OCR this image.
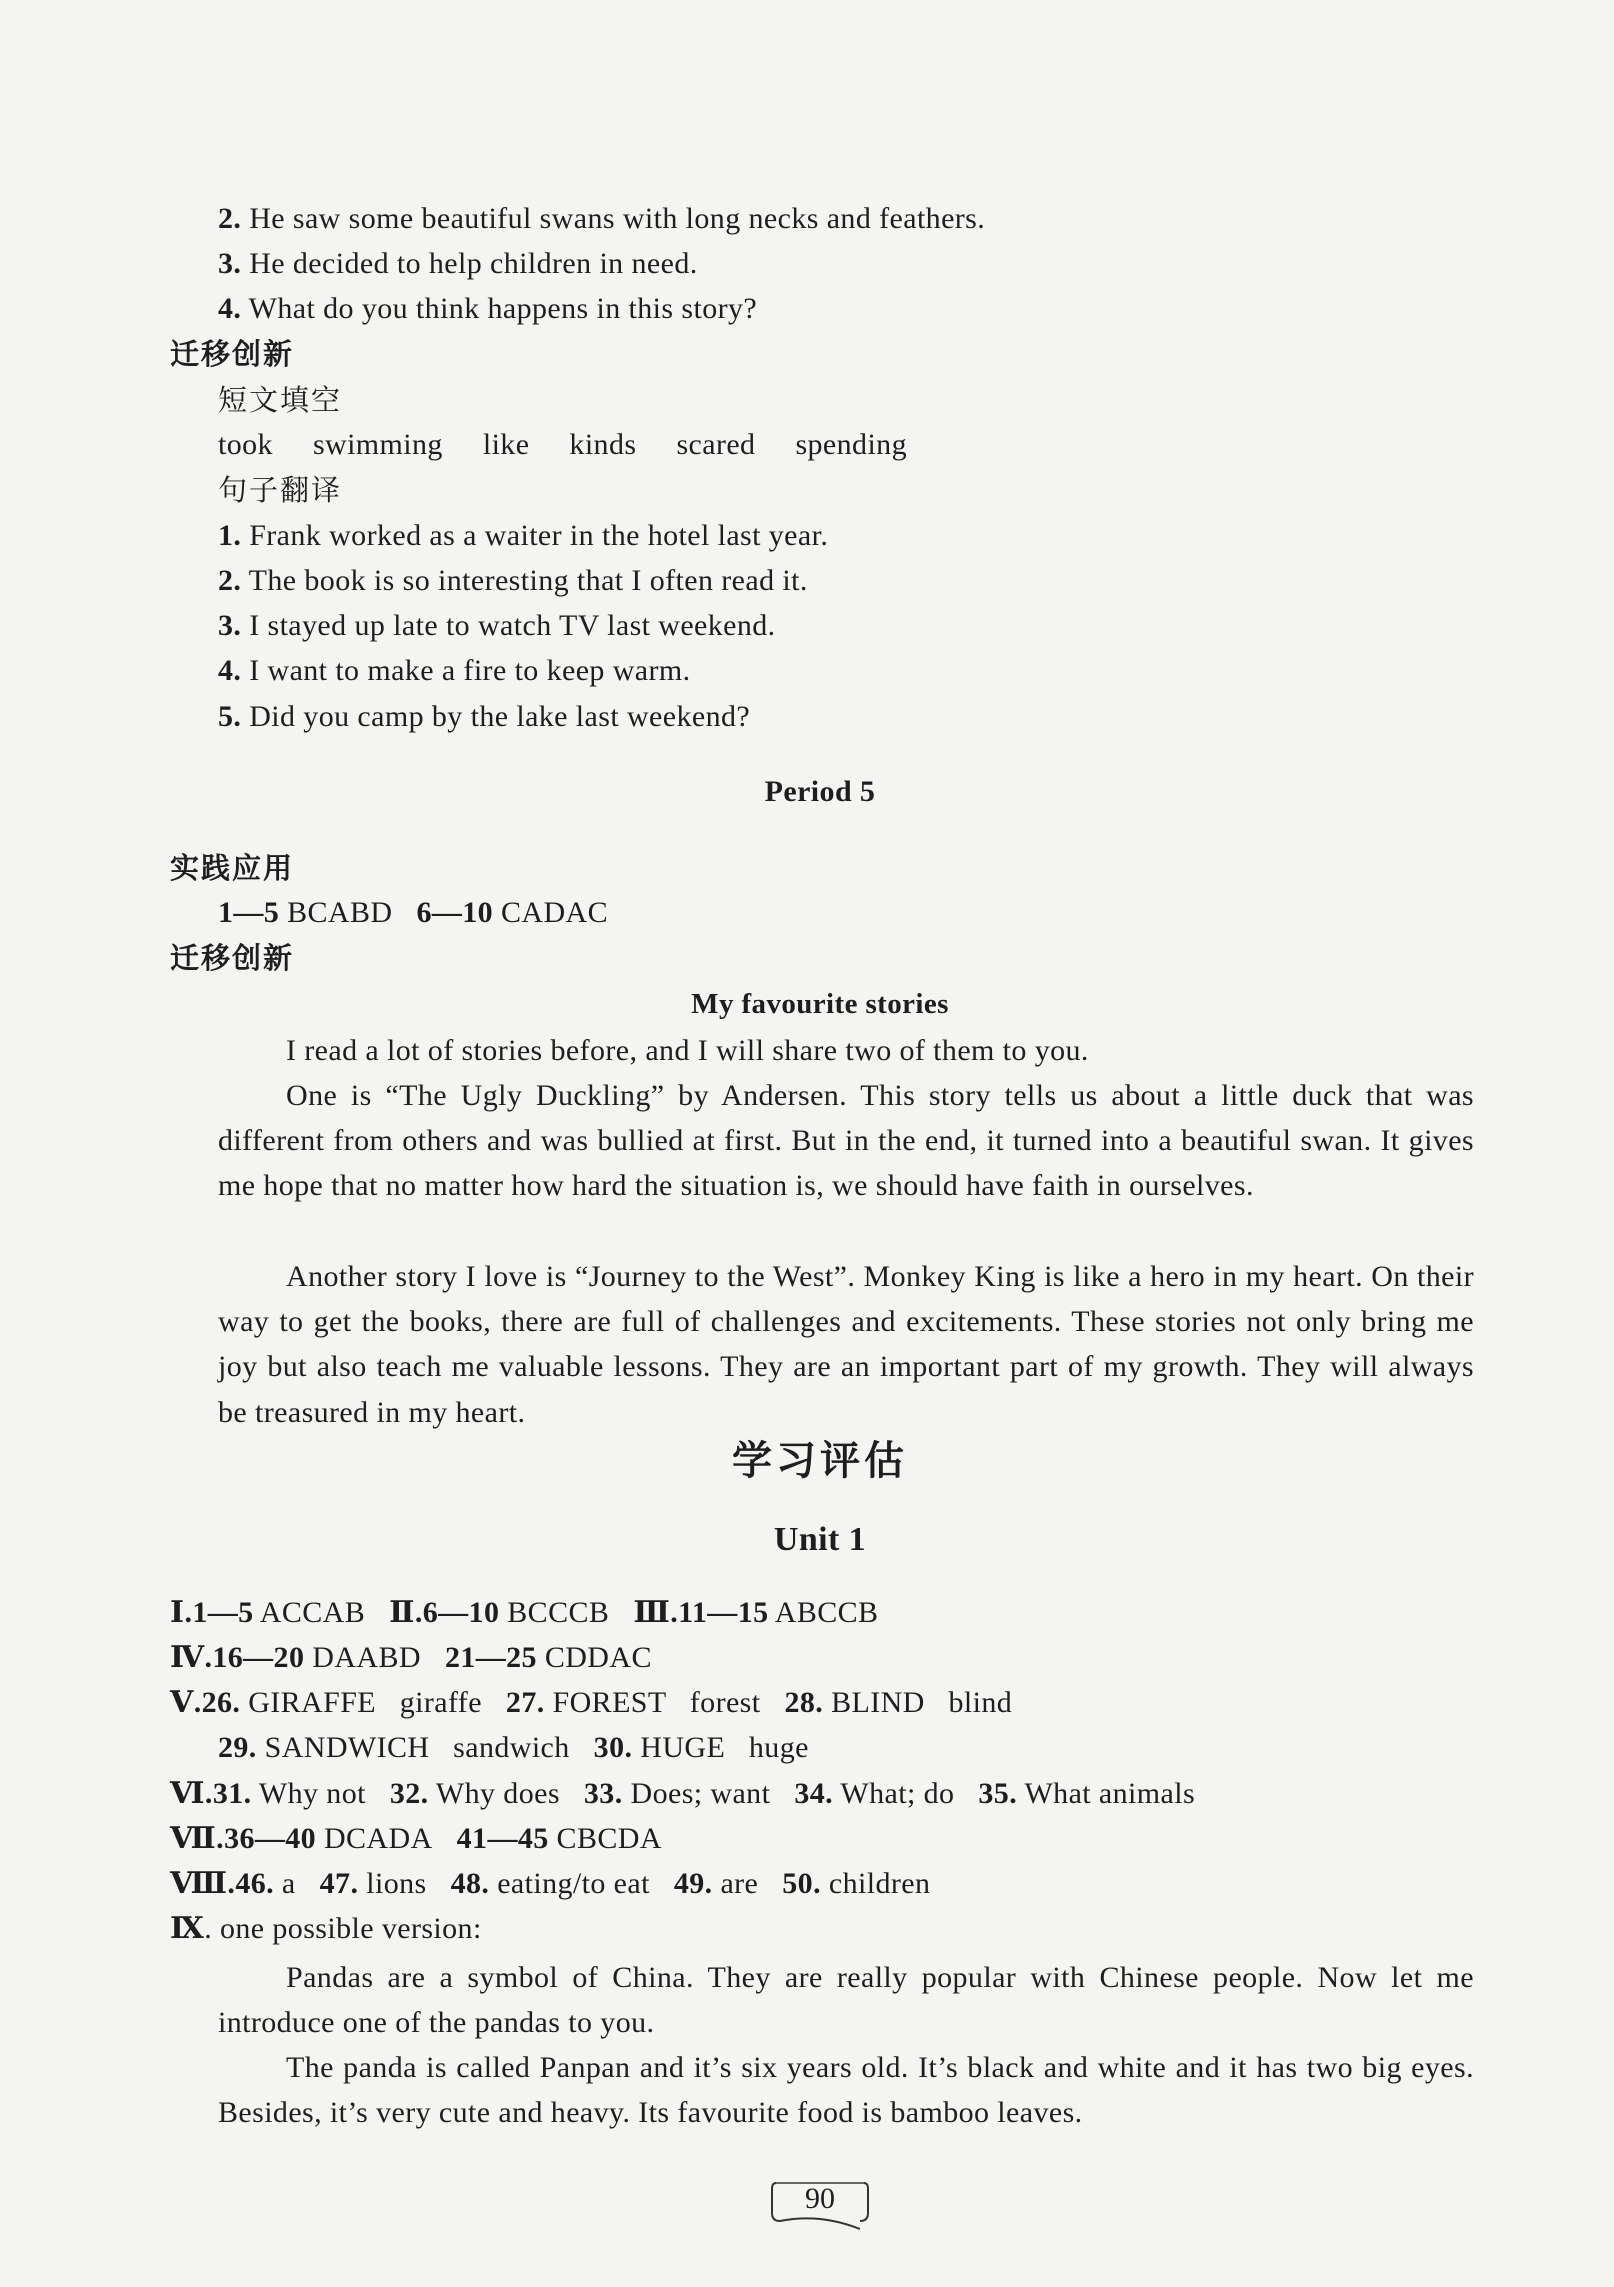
2. He saw some beautiful swans with long necks and feathers.
3. He decided to help children in need.
4. What do you think happens in this story?
迁移创新
短文填空
took swimming like kinds scared spending
句子翻译
1. Frank worked as a waiter in the hotel last year.
2. The book is so interesting that I often read it.
3. I stayed up late to watch TV last weekend.
4. I want to make a fire to keep warm.
5. Did you camp by the lake last weekend?
Period 5
实践应用
1—5 BCABD 6—10 CADAC
迁移创新
My favourite stories
I read a lot of stories before, and I will share two of them to you.
One is “The Ugly Duckling” by Andersen. This story tells us about a little duck that was different from others and was bullied at first. But in the end, it turned into a beautiful swan. It gives me hope that no matter how hard the situation is, we should have faith in ourselves.
Another story I love is “Journey to the West”. Monkey King is like a hero in my heart. On their way to get the books, there are full of challenges and excitements. These stories not only bring me joy but also teach me valuable lessons. They are an important part of my growth. They will always be treasured in my heart.
学习评估
Unit 1
Ⅰ.1—5 ACCAB Ⅱ.6—10 BCCCB Ⅲ.11—15 ABCCB
Ⅳ.16—20 DAABD 21—25 CDDAC
Ⅴ.26. GIRAFFE   giraffe 27. FOREST   forest 28. BLIND   blind
29. SANDWICH   sandwich 30. HUGE   huge
Ⅵ.31. Why not 32. Why does 33. Does; want 34. What; do 35. What animals
Ⅶ.36—40 DCADA 41—45 CBCDA
Ⅷ.46. a 47. lions 48. eating/to eat 49. are 50. children
Ⅸ. one possible version:
Pandas are a symbol of China. They are really popular with Chinese people. Now let me introduce one of the pandas to you.
The panda is called Panpan and it’s six years old. It’s black and white and it has two big eyes. Besides, it’s very cute and heavy. Its favourite food is bamboo leaves.
90
